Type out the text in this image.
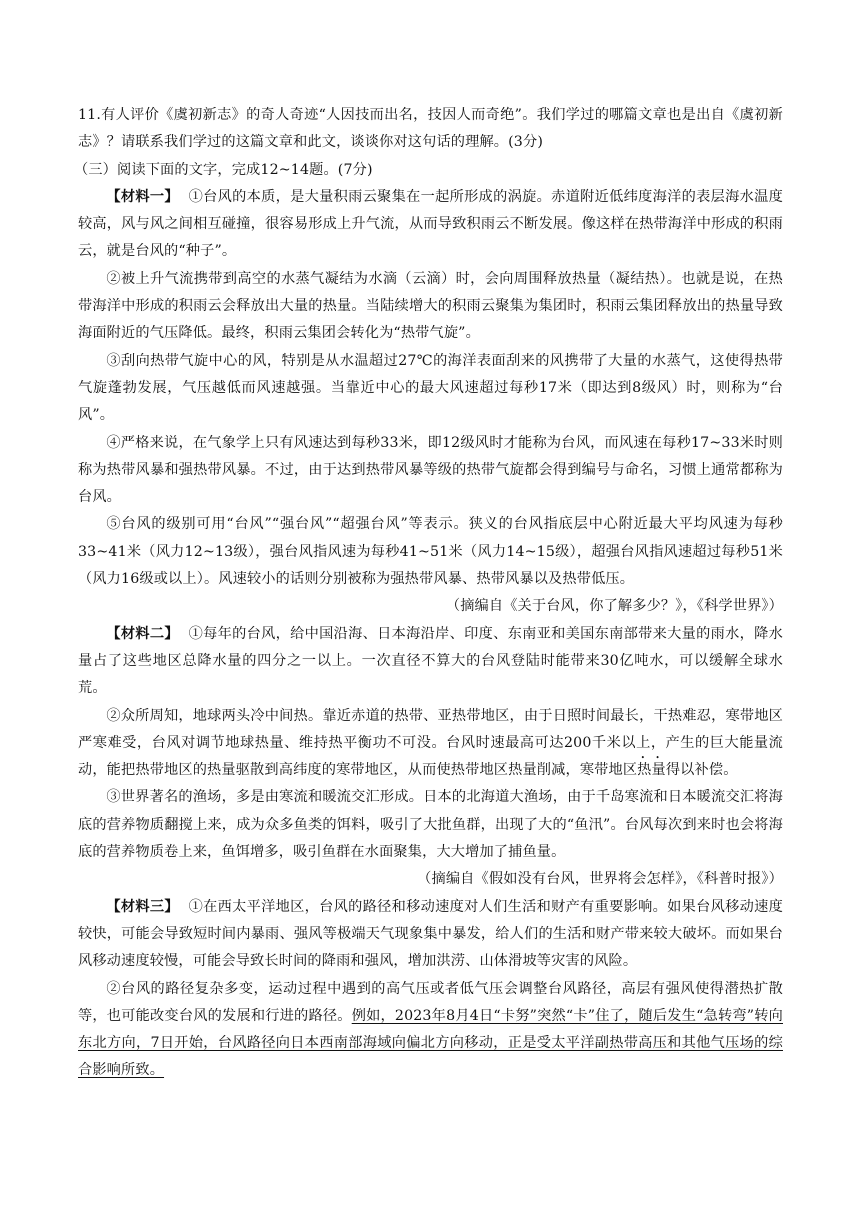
11.有人评价《虞初新志》的奇人奇迹“人因技而出名，技因人而奇绝”。我们学过的哪篇文章也是出自《虞初新志》？请联系我们学过的这篇文章和此文，谈谈你对这句话的理解。(3分)

（三）阅读下面的文字，完成12~14题。(7分)

【材料一】 ①台风的本质，是大量积雨云聚集在一起所形成的涡旋。赤道附近低纬度海洋的表层海水温度较高，风与风之间相互碰撞，很容易形成上升气流，从而导致积雨云不断发展。像这样在热带海洋中形成的积雨云，就是台风的“种子”。

②被上升气流携带到高空的水蒸气凝结为水滴（云滴）时，会向周围释放热量（凝结热）。也就是说，在热带海洋中形成的积雨云会释放出大量的热量。当陆续增大的积雨云聚集为集团时，积雨云集团释放出的热量导致海面附近的气压降低。最终，积雨云集团会转化为“热带气旋”。

③刮向热带气旋中心的风，特别是从水温超过27℃的海洋表面刮来的风携带了大量的水蒸气，这使得热带气旋蓬勃发展，气压越低而风速越强。当靠近中心的最大风速超过每秒17米（即达到8级风）时，则称为“台风”。

④严格来说，在气象学上只有风速达到每秒33米，即12级风时才能称为台风，而风速在每秒17~33米时则称为热带风暴和强热带风暴。不过，由于达到热带风暴等级的热带气旋都会得到编号与命名，习惯上通常都称为台风。

⑤台风的级别可用“台风”“强台风”“超强台风”等表示。狭义的台风指底层中心附近最大平均风速为每秒33~41米（风力12~13级），强台风指风速为每秒41~51米（风力14~15级），超强台风指风速超过每秒51米（风力16级或以上）。风速较小的话则分别被称为强热带风暴、热带风暴以及热带低压。

（摘编自《关于台风，你了解多少？》，《科学世界》）

【材料二】 ①每年的台风，给中国沿海、日本海沿岸、印度、东南亚和美国东南部带来大量的雨水，降水量占了这些地区总降水量的四分之一以上。一次直径不算大的台风登陆时能带来30亿吨水，可以缓解全球水荒。

②众所周知，地球两头冷中间热。靠近赤道的热带、亚热带地区，由于日照时间最长，干热难忍，寒带地区严寒难受，台风对调节地球热量、维持热平衡功不可没。台风时速最高可达200千米以上，产生的巨大能量流动，能把热带地区的热量驱散到高纬度的寒带地区，从而使热带地区热量削减，寒带地区热量得以补偿。

③世界著名的渔场，多是由寒流和暖流交汇形成。日本的北海道大渔场，由于千岛寒流和日本暖流交汇将海底的营养物质翻搅上来，成为众多鱼类的饵料，吸引了大批鱼群，出现了大的“鱼汛”。台风每次到来时也会将海底的营养物质卷上来，鱼饵增多，吸引鱼群在水面聚集，大大增加了捕鱼量。

（摘编自《假如没有台风，世界将会怎样》，《科普时报》）

【材料三】 ①在西太平洋地区，台风的路径和移动速度对人们生活和财产有重要影响。如果台风移动速度较快，可能会导致短时间内暴雨、强风等极端天气现象集中暴发，给人们的生活和财产带来较大破坏。而如果台风移动速度较慢，可能会导致长时间的降雨和强风，增加洪涝、山体滑坡等灾害的风险。

②台风的路径复杂多变，运动过程中遇到的高气压或者低气压会调整台风路径，高层有强风使得潜热扩散等，也可能改变台风的发展和行进的路径。例如，2023年8月4日“卡努”突然“卡”住了，随后发生“急转弯”转向东北方向，7日开始，台风路径向日本西南部海域向偏北方向移动，正是受太平洋副热带高压和其他气压场的综合影响所致。
